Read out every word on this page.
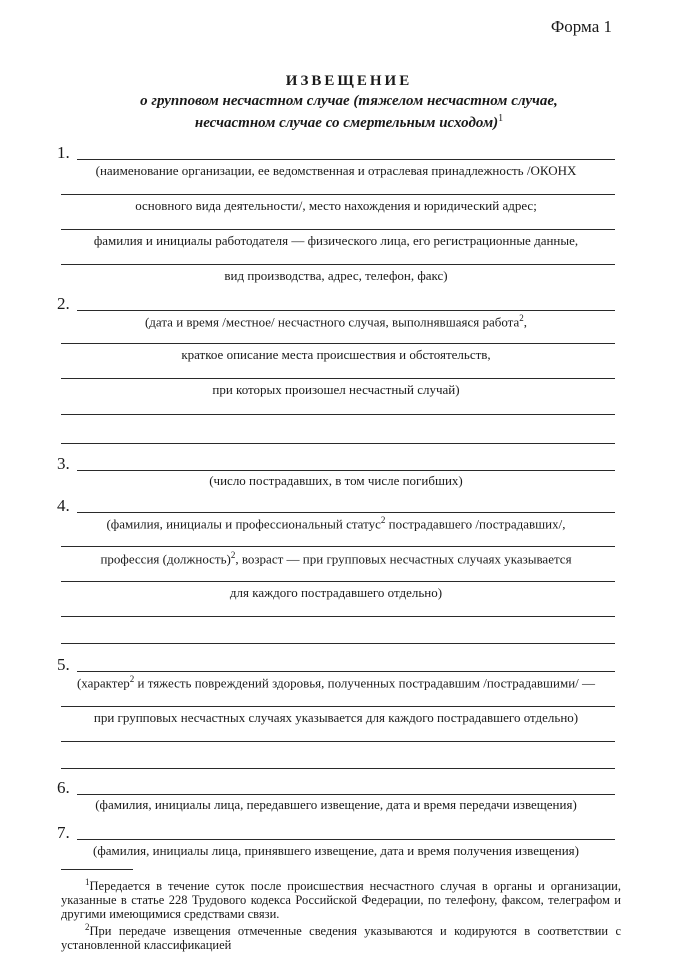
Форма 1
ИЗВЕЩЕНИЕ
о групповом несчастном случае (тяжелом несчастном случае,
несчастном случае со смертельным исходом)$^1$
1.
(наименование организации, ее ведомственная и отраслевая принадлежность /ОКОНХ
основного вида деятельности/, место нахождения и юридический адрес;
фамилия и инициалы работодателя — физического лица, его регистрационные данные,
вид производства, адрес, телефон, факс)
2.
(дата и время /местное/ несчастного случая, выполнявшаяся работа$^2$,
краткое описание места происшествия и обстоятельств,
при которых произошел несчастный случай)
3.
(число пострадавших, в том числе погибших)
4.
(фамилия, инициалы и профессиональный статус$^2$ пострадавшего /пострадавших/,
профессия (должность)$^2$, возраст — при групповых несчастных случаях указывается
для каждого пострадавшего отдельно)
5.
(характер$^2$ и тяжесть повреждений здоровья, полученных пострадавшим /пострадавшими/ —
при групповых несчастных случаях указывается для каждого пострадавшего отдельно)
6.
(фамилия, инициалы лица, передавшего извещение, дата и время передачи извещения)
7.
(фамилия, инициалы лица, принявшего извещение, дата и время получения извещения)
$^1$Передается в течение суток после происшествия несчастного случая в органы и организации, указанные в статье 228 Трудового кодекса Российской Федерации, по телефону, факсом, телеграфом и другими имеющимися средствами связи.
$^2$При передаче извещения отмеченные сведения указываются и кодируются в соответствии с установленной классификацией
